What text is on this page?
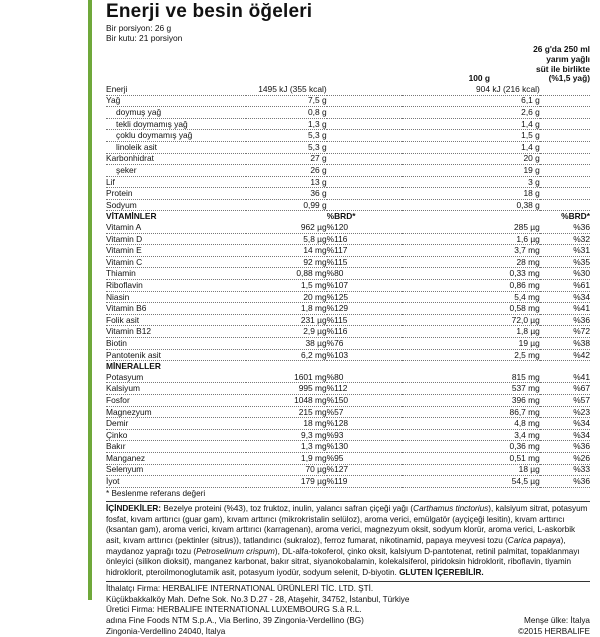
Enerji ve besin öğeleri
Bir porsiyon: 26 g
Bir kutu: 21 porsiyon
100 g
26 g'da 250 ml
yarım yağlı
süt ile birlikte
(%1,5 yağ)
Enerji	1495 kJ (355 kcal)		904 kJ (216 kcal)	
Yağ	7,5 g		6,1 g	
doymuş yağ	0,8 g		2,6 g	
tekli doymamış yağ	1,3 g		1,4 g	
çoklu doymamış yağ	5,3 g		1,5 g	
linoleik asit	5,3 g		1,4 g	
Karbonhidrat	27 g		20 g	
şeker	26 g		19 g	
Lif	13 g		3 g	
Protein	36 g		18 g	
Sodyum	0,99 g		0,38 g	
VİTAMİNLER		%BRD*		%BRD*
Vitamin A	962 µg	%120	285 µg	%36
Vitamin D	5,8 µg	%116	1,6 µg	%32
Vitamin E	14 mg	%117	3,7 mg	%31
Vitamin C	92 mg	%115	28 mg	%35
Thiamin	0,88 mg	%80	0,33 mg	%30
Riboflavin	1,5 mg	%107	0,86 mg	%61
Niasin	20 mg	%125	5,4 mg	%34
Vitamin B6	1,8 mg	%129	0,58 mg	%41
Folik asit	231 µg	%115	72,0 µg	%36
Vitamin B12	2,9 µg	%116	1,8 µg	%72
Biotin	38 µg	%76	19 µg	%38
Pantotenik asit	6,2 mg	%103	2,5 mg	%42
MİNERALLER				
Potasyum	1601 mg	%80	815 mg	%41
Kalsiyum	995 mg	%112	537 mg	%67
Fosfor	1048 mg	%150	396 mg	%57
Magnezyum	215 mg	%57	86,7 mg	%23
Demir	18 mg	%128	4,8 mg	%34
Çinko	9,3 mg	%93	3,4 mg	%34
Bakır	1,3 mg	%130	0,36 mg	%36
Manganez	1,9 mg	%95	0,51 mg	%26
Selenyum	70 µg	%127	18 µg	%33
İyot	179 µg	%119	54,5 µg	%36
* Beslenme referans değeri
İÇİNDEKİLER: Bezelye proteini (%43), toz fruktoz, inulin, yalancı safran çiçeği yağı (Carthamus tinctorius), kalsiyum sitrat, potasyum fosfat, kıvam arttırıcı (guar gam), kıvam arttırıcı (mikrokristalin selüloz), aroma verici, emülgatör (ayçiçeği lesitin), kıvam arttırıcı (ksantan gam), aroma verici, kıvam arttırıcı (karragenan), aroma verici, magnezyum oksit, sodyum klorür, aroma verici, L-askorbik asit, kıvam arttırıcı (pektinler (sitrus)), tatlandırıcı (sukraloz), ferroz fumarat, nikotinamid, papaya meyvesi tozu (Carica papaya), maydanoz yaprağı tozu (Petroselinum crispum), DL-alfa-tokoferol, çinko oksit, kalsiyum D-pantotenat, retinil palmitat, topaklanmayı önleyici (silikon dioksit), manganez karbonat, bakır sitrat, siyanokobalamin, kolekalsiferol, piridoksin hidroklorit, riboflavin, tiyamin hidroklorit, pteroilmonoglutamik asit, potasyum iyodür, sodyum selenit, D-biyotin. GLUTEN İÇEREBİLİR.
İthalatçı Firma: HERBALIFE INTERNATIONAL ÜRÜNLERİ TİC. LTD. ŞTİ.
Küçükbakkalköy Mah. Defne Sok. No.3 D.27 - 28, Ataşehir, 34752, İstanbul, Türkiye
Üretici Firma: HERBALIFE INTERNATIONAL LUXEMBOURG S.à R.L.
adına Fine Foods NTM S.p.A., Via Berlino, 39 Zingonia-Verdellino (BG)	Menşe ülke: İtalya
Zingonia-Verdellino 24040, İtalya	©2015 HERBALIFE
